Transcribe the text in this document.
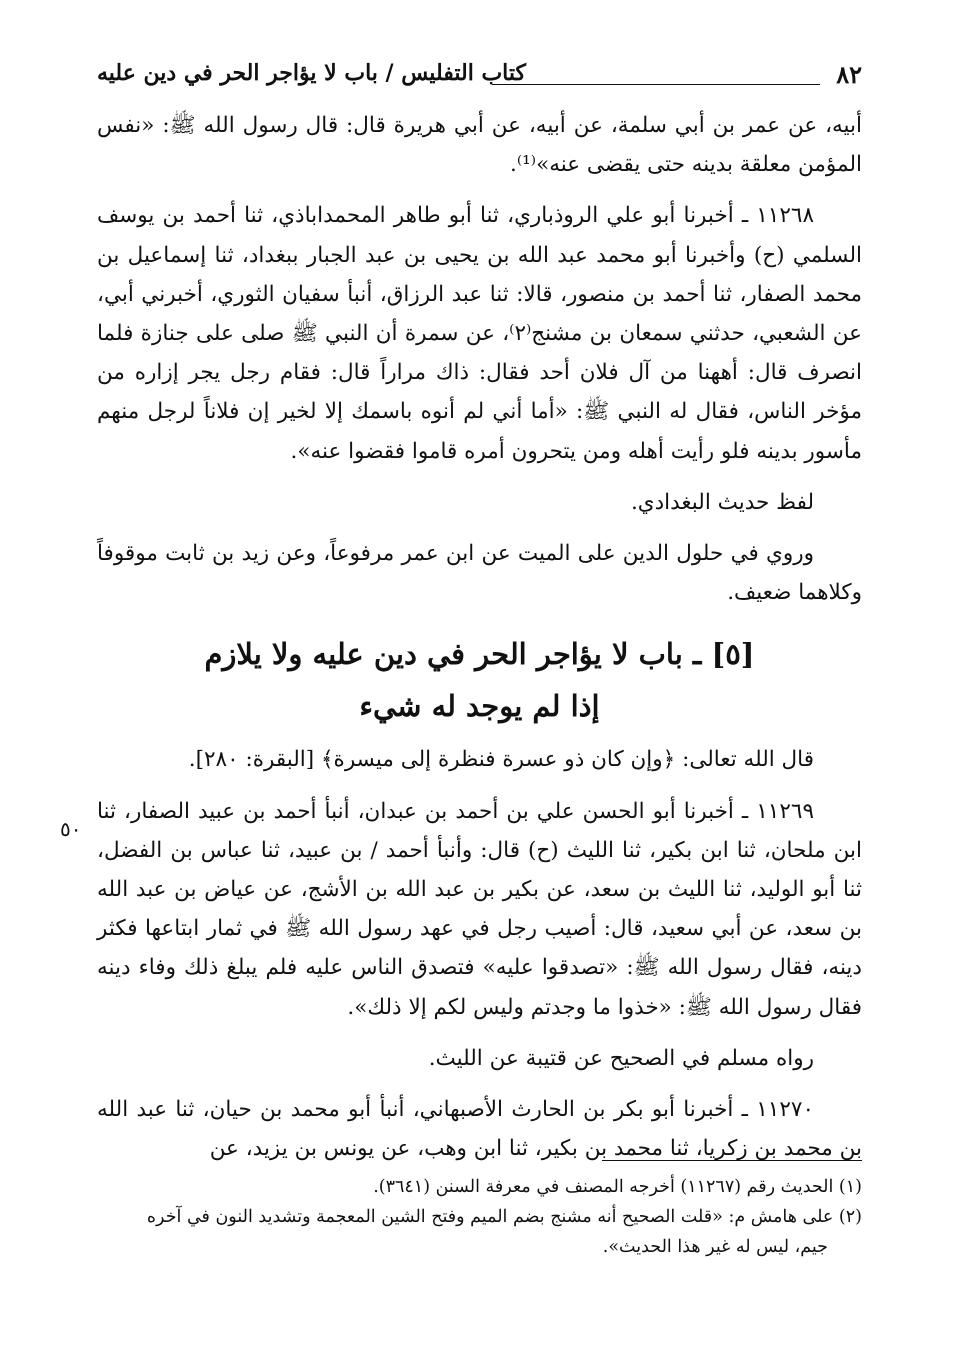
٨٢
كتاب التفليس / باب لا يؤاجر الحر في دين عليه

أبيه، عن عمر بن أبي سلمة، عن أبيه، عن أبي هريرة قال: قال رسول الله ﷺ: «نفس المؤمن معلقة بدينه حتى يقضى عنه»⁽¹⁾.

١١٢٦٨ ـ أخبرنا أبو علي الروذباري، ثنا أبو طاهر المحمداباذي، ثنا أحمد بن يوسف السلمي (ح) وأخبرنا أبو محمد عبد الله بن يحيى بن عبد الجبار ببغداد، ثنا إسماعيل بن محمد الصفار، ثنا أحمد بن منصور، قالا: ثنا عبد الرزاق، أنبأ سفيان الثوري، أخبرني أبي، عن الشعبي، حدثني سمعان بن مشنج⁽٢⁾، عن سمرة أن النبي ﷺ صلى على جنازة فلما انصرف قال: أههنا من آل فلان أحد فقال: ذاك مراراً قال: فقام رجل يجر إزاره من مؤخر الناس، فقال له النبي ﷺ: «أما أني لم أنوه باسمك إلا لخير إن فلاناً لرجل منهم مأسور بدينه فلو رأيت أهله ومن يتحرون أمره قاموا فقضوا عنه».

لفظ حديث البغدادي.

وروي في حلول الدين على الميت عن ابن عمر مرفوعاً، وعن زيد بن ثابت موقوفاً وكلاهما ضعيف.

[٥] ـ باب لا يؤاجر الحر في دين عليه ولا يلازم
إذا لم يوجد له شيء

قال الله تعالى: ﴿وإن كان ذو عسرة فنظرة إلى ميسرة﴾ [البقرة: ٢٨٠].

١١٢٦٩ ـ أخبرنا أبو الحسن علي بن أحمد بن عبدان، أنبأ أحمد بن عبيد الصفار، ثنا ابن ملحان، ثنا ابن بكير، ثنا الليث (ح) قال: وأنبأ أحمد / بن عبيد، ثنا عباس بن الفضل، ثنا أبو الوليد، ثنا الليث بن سعد، عن بكير بن عبد الله بن الأشج، عن عياض بن عبد الله بن سعد، عن أبي سعيد، قال: أصيب رجل في عهد رسول الله ﷺ في ثمار ابتاعها فكثر دينه، فقال رسول الله ﷺ: «تصدقوا عليه» فتصدق الناس عليه فلم يبلغ ذلك وفاء دينه فقال رسول الله ﷺ: «خذوا ما وجدتم وليس لكم إلا ذلك».

رواه مسلم في الصحيح عن قتيبة عن الليث.

١١٢٧٠ ـ أخبرنا أبو بكر بن الحارث الأصبهاني، أنبأ أبو محمد بن حيان، ثنا عبد الله بن محمد بن زكريا، ثنا محمد بن بكير، ثنا ابن وهب، عن يونس بن يزيد، عن

٥٠

(١) الحديث رقم (١١٢٦٧) أخرجه المصنف في معرفة السنن (٣٦٤١).

(٢) على هامش م: «قلت الصحيح أنه مشنج بضم الميم وفتح الشين المعجمة وتشديد النون في آخره

جيم، ليس له غير هذا الحديث».
